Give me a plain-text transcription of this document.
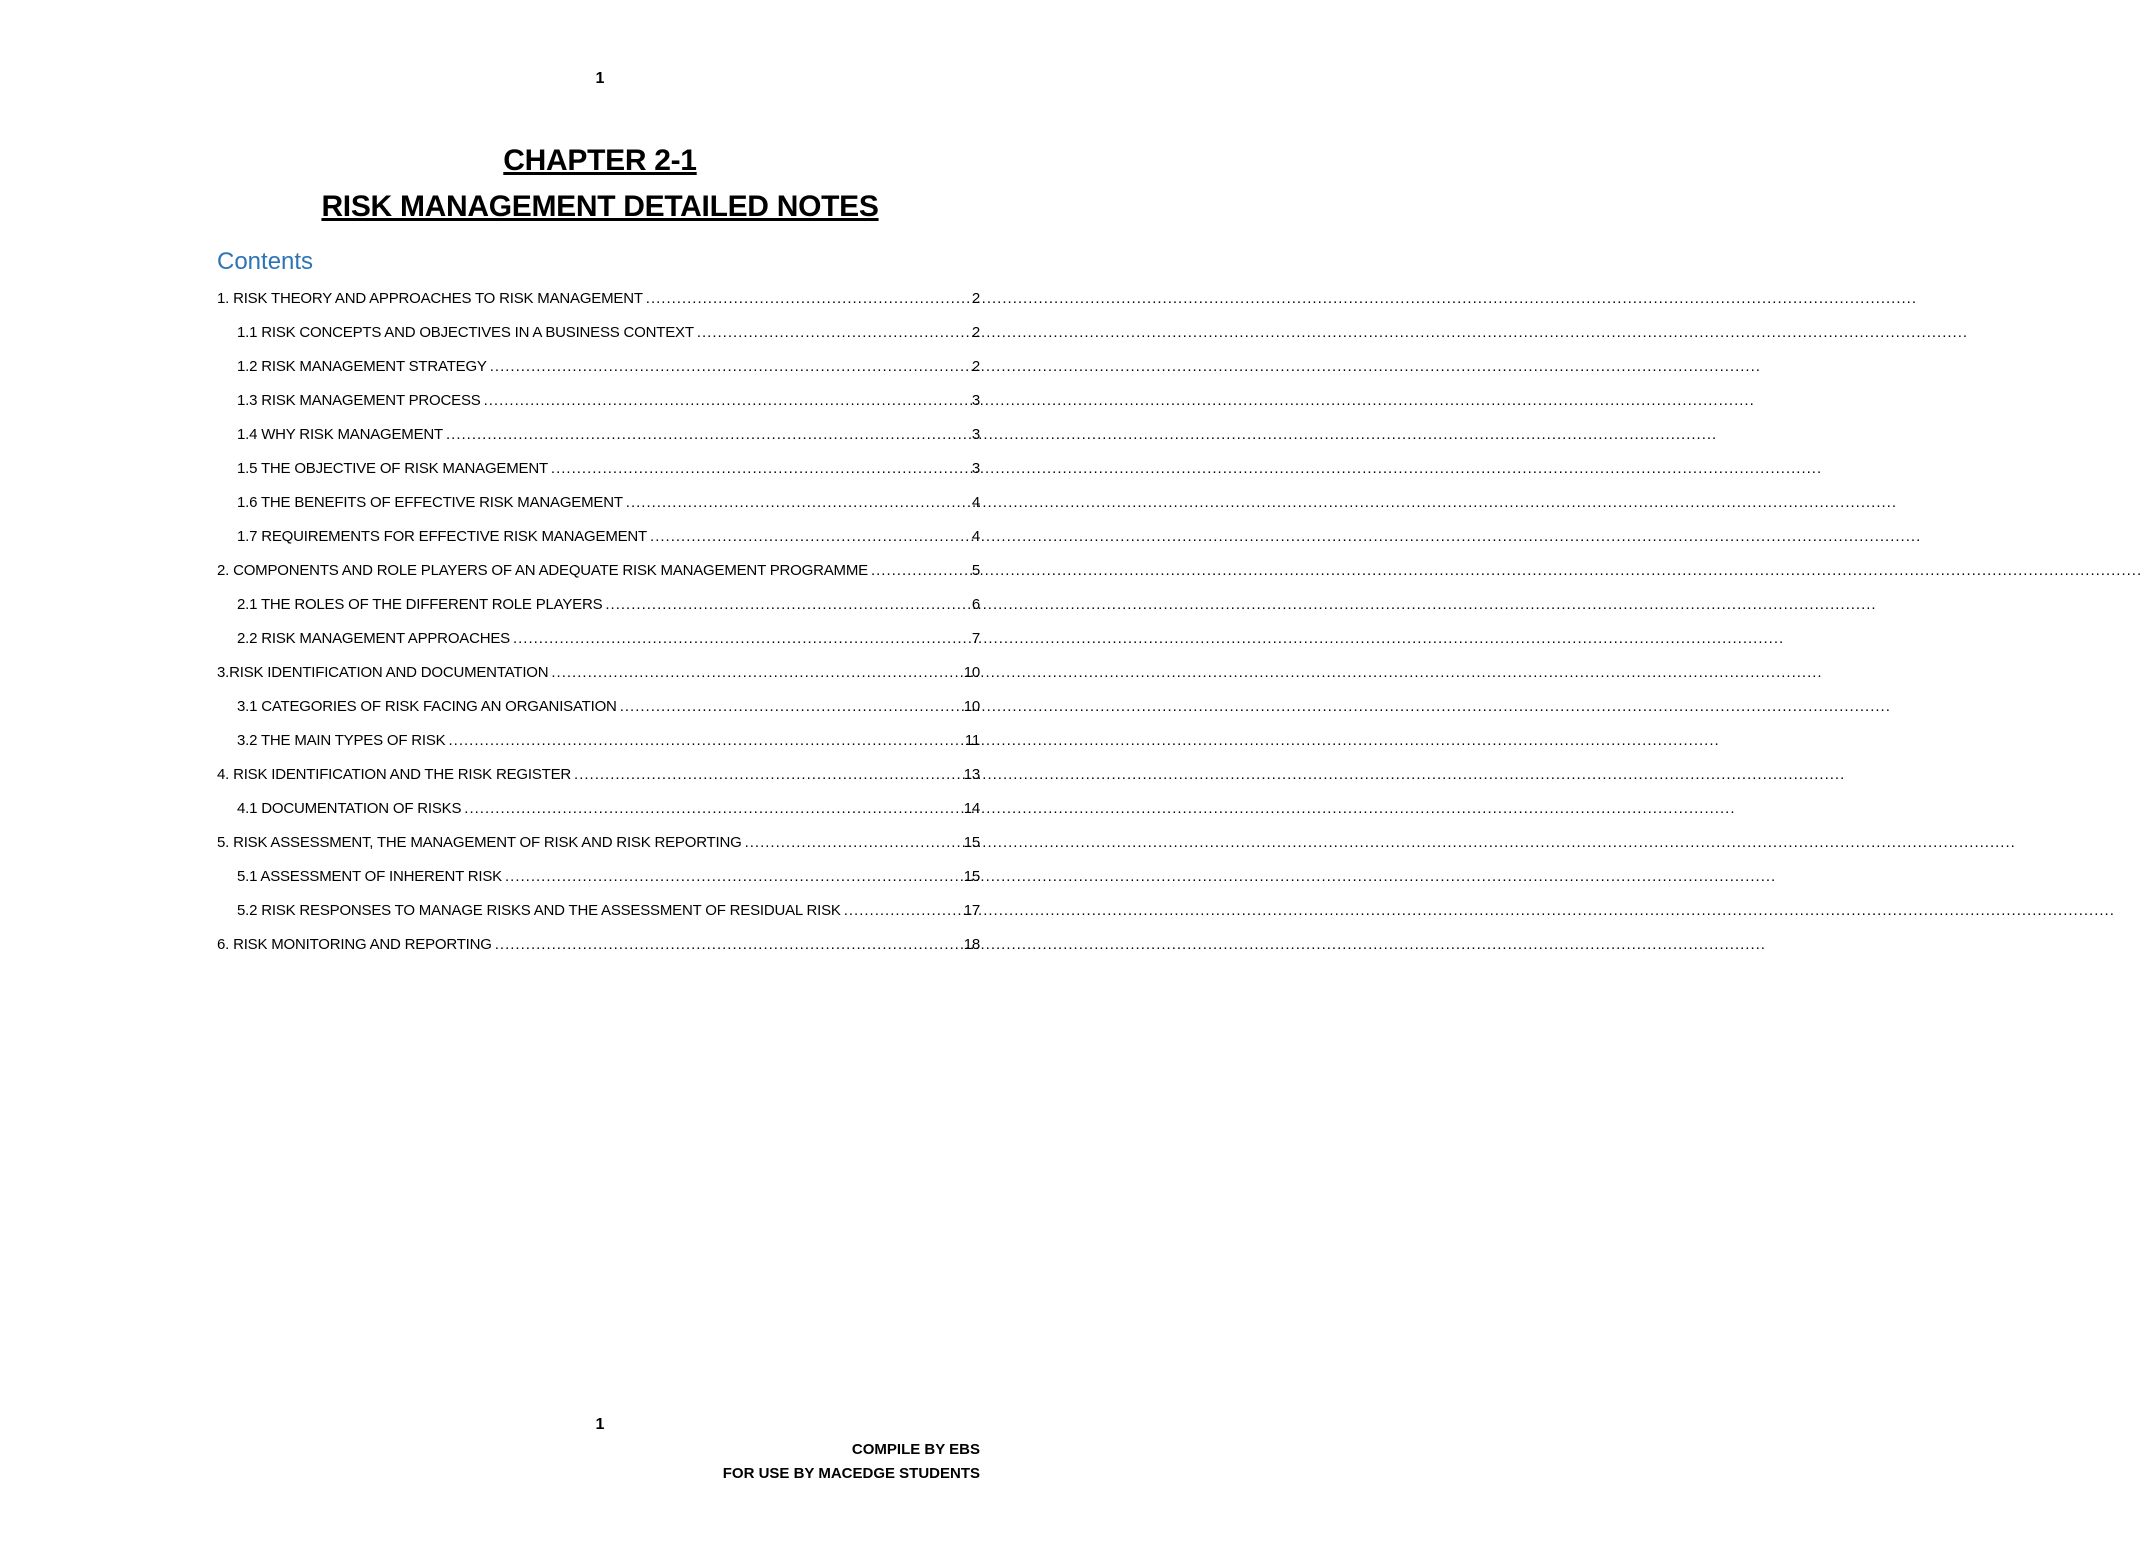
1
CHAPTER 2-1
RISK MANAGEMENT DETAILED NOTES
Contents
1. RISK THEORY AND APPROACHES TO RISK MANAGEMENT .....	2
1.1 RISK CONCEPTS AND OBJECTIVES IN A BUSINESS CONTEXT .....	2
1.2 RISK MANAGEMENT STRATEGY .....	2
1.3 RISK MANAGEMENT PROCESS .....	3
1.4 WHY RISK MANAGEMENT .....	3
1.5 THE OBJECTIVE OF RISK MANAGEMENT .....	3
1.6 THE BENEFITS OF EFFECTIVE RISK MANAGEMENT .....	4
1.7 REQUIREMENTS FOR EFFECTIVE RISK MANAGEMENT .....	4
2. COMPONENTS AND ROLE PLAYERS OF AN ADEQUATE RISK MANAGEMENT PROGRAMME .....	5
2.1 THE ROLES OF THE DIFFERENT ROLE PLAYERS .....	6
2.2 RISK MANAGEMENT APPROACHES .....	7
3.RISK IDENTIFICATION AND DOCUMENTATION .....	10
3.1 CATEGORIES OF RISK FACING AN ORGANISATION .....	10
3.2 THE MAIN TYPES OF RISK .....	11
4. RISK IDENTIFICATION AND THE RISK REGISTER .....	13
4.1 DOCUMENTATION OF RISKS .....	14
5. RISK ASSESSMENT, THE MANAGEMENT OF RISK AND RISK REPORTING .....	15
5.1 ASSESSMENT OF INHERENT RISK .....	15
5.2 RISK RESPONSES TO MANAGE RISKS AND THE ASSESSMENT OF RESIDUAL RISK .....	17
6. RISK MONITORING AND REPORTING .....	18
1
COMPILE BY EBS
FOR USE BY MACEDGE STUDENTS
